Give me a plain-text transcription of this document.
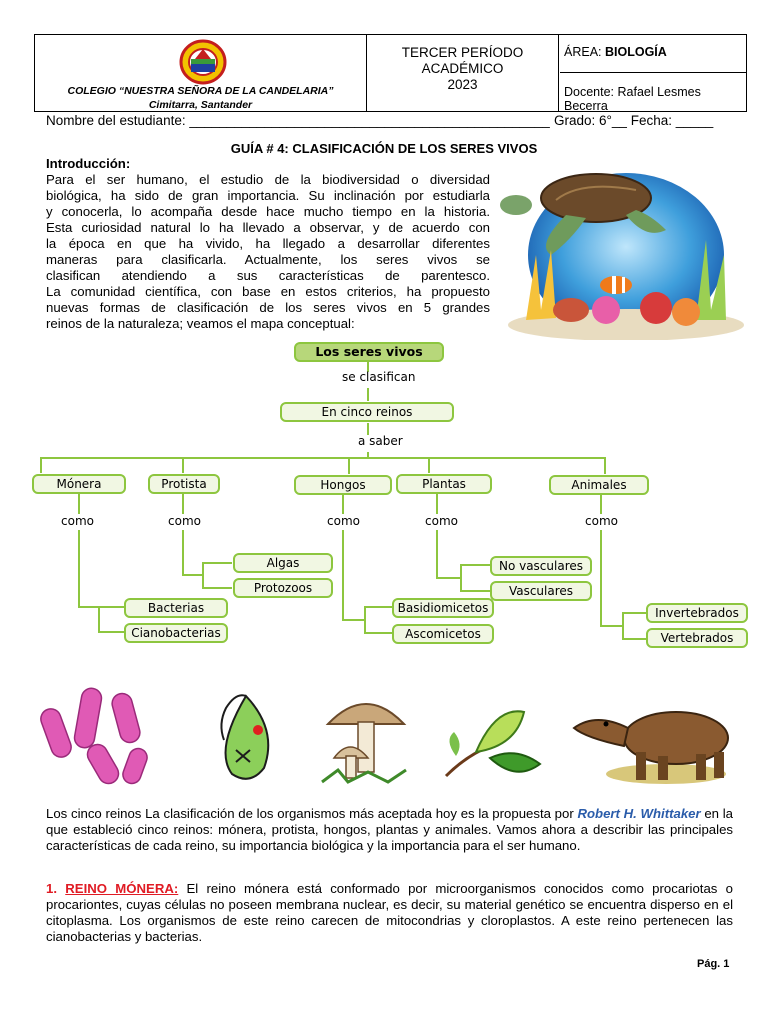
COLEGIO “NUESTRA SEÑORA DE LA CANDELARIA”
Cimitarra, Santander
TERCER PERÍODO
ACADÉMICO
2023
ÁREA: BIOLOGÍA
Docente: Rafael Lesmes Becerra
Nombre del estudiante: ________________________________________________ Grado: 6°__ Fecha: _____
GUÍA # 4: CLASIFICACIÓN DE LOS SERES VIVOS

Introducción:

Para el ser humano, el estudio de la biodiversidad o diversidad

biológica, ha sido de gran importancia. Su inclinación por estudiarla

y conocerla, lo acompaña desde hace mucho tiempo en la historia.

Esta curiosidad natural lo ha llevado a observar, y de acuerdo con

la época en que ha vivido, ha llegado a desarrollar diferentes

maneras para clasificarla. Actualmente, los seres vivos se

clasifican atendiendo a sus características de parentesco.

La comunidad científica, con base en estos criterios, ha propuesto

nuevas formas de clasificación de los seres vivos en 5 grandes

reinos de la naturaleza; veamos el mapa conceptual:

Los seres vivos
se clasifican
En cinco reinos
a saber
Mónera	Protista	Hongos	Plantas	Animales
como	como	como	como	como
Bacterias
Cianobacterias
Algas
Protozoos
Basidiomicetos
Ascomicetos
No vasculares
Vasculares
Invertebrados
Vertebrados
Los cinco reinos La clasificación de los organismos más aceptada hoy es la propuesta por Robert H. Whittaker en la que estableció cinco reinos: mónera, protista, hongos, plantas y animales. Vamos ahora a describir las principales características de cada reino, su importancia biológica y la importancia para el ser humano.
1. REINO MÓNERA: El reino mónera está conformado por microorganismos conocidos como procariotas o procariontes, cuyas células no poseen membrana nuclear, es decir, su material genético se encuentra disperso en el citoplasma. Los organismos de este reino carecen de mitocondrias y cloroplastos. A este reino pertenecen las cianobacterias y bacterias.
Pág. 1
